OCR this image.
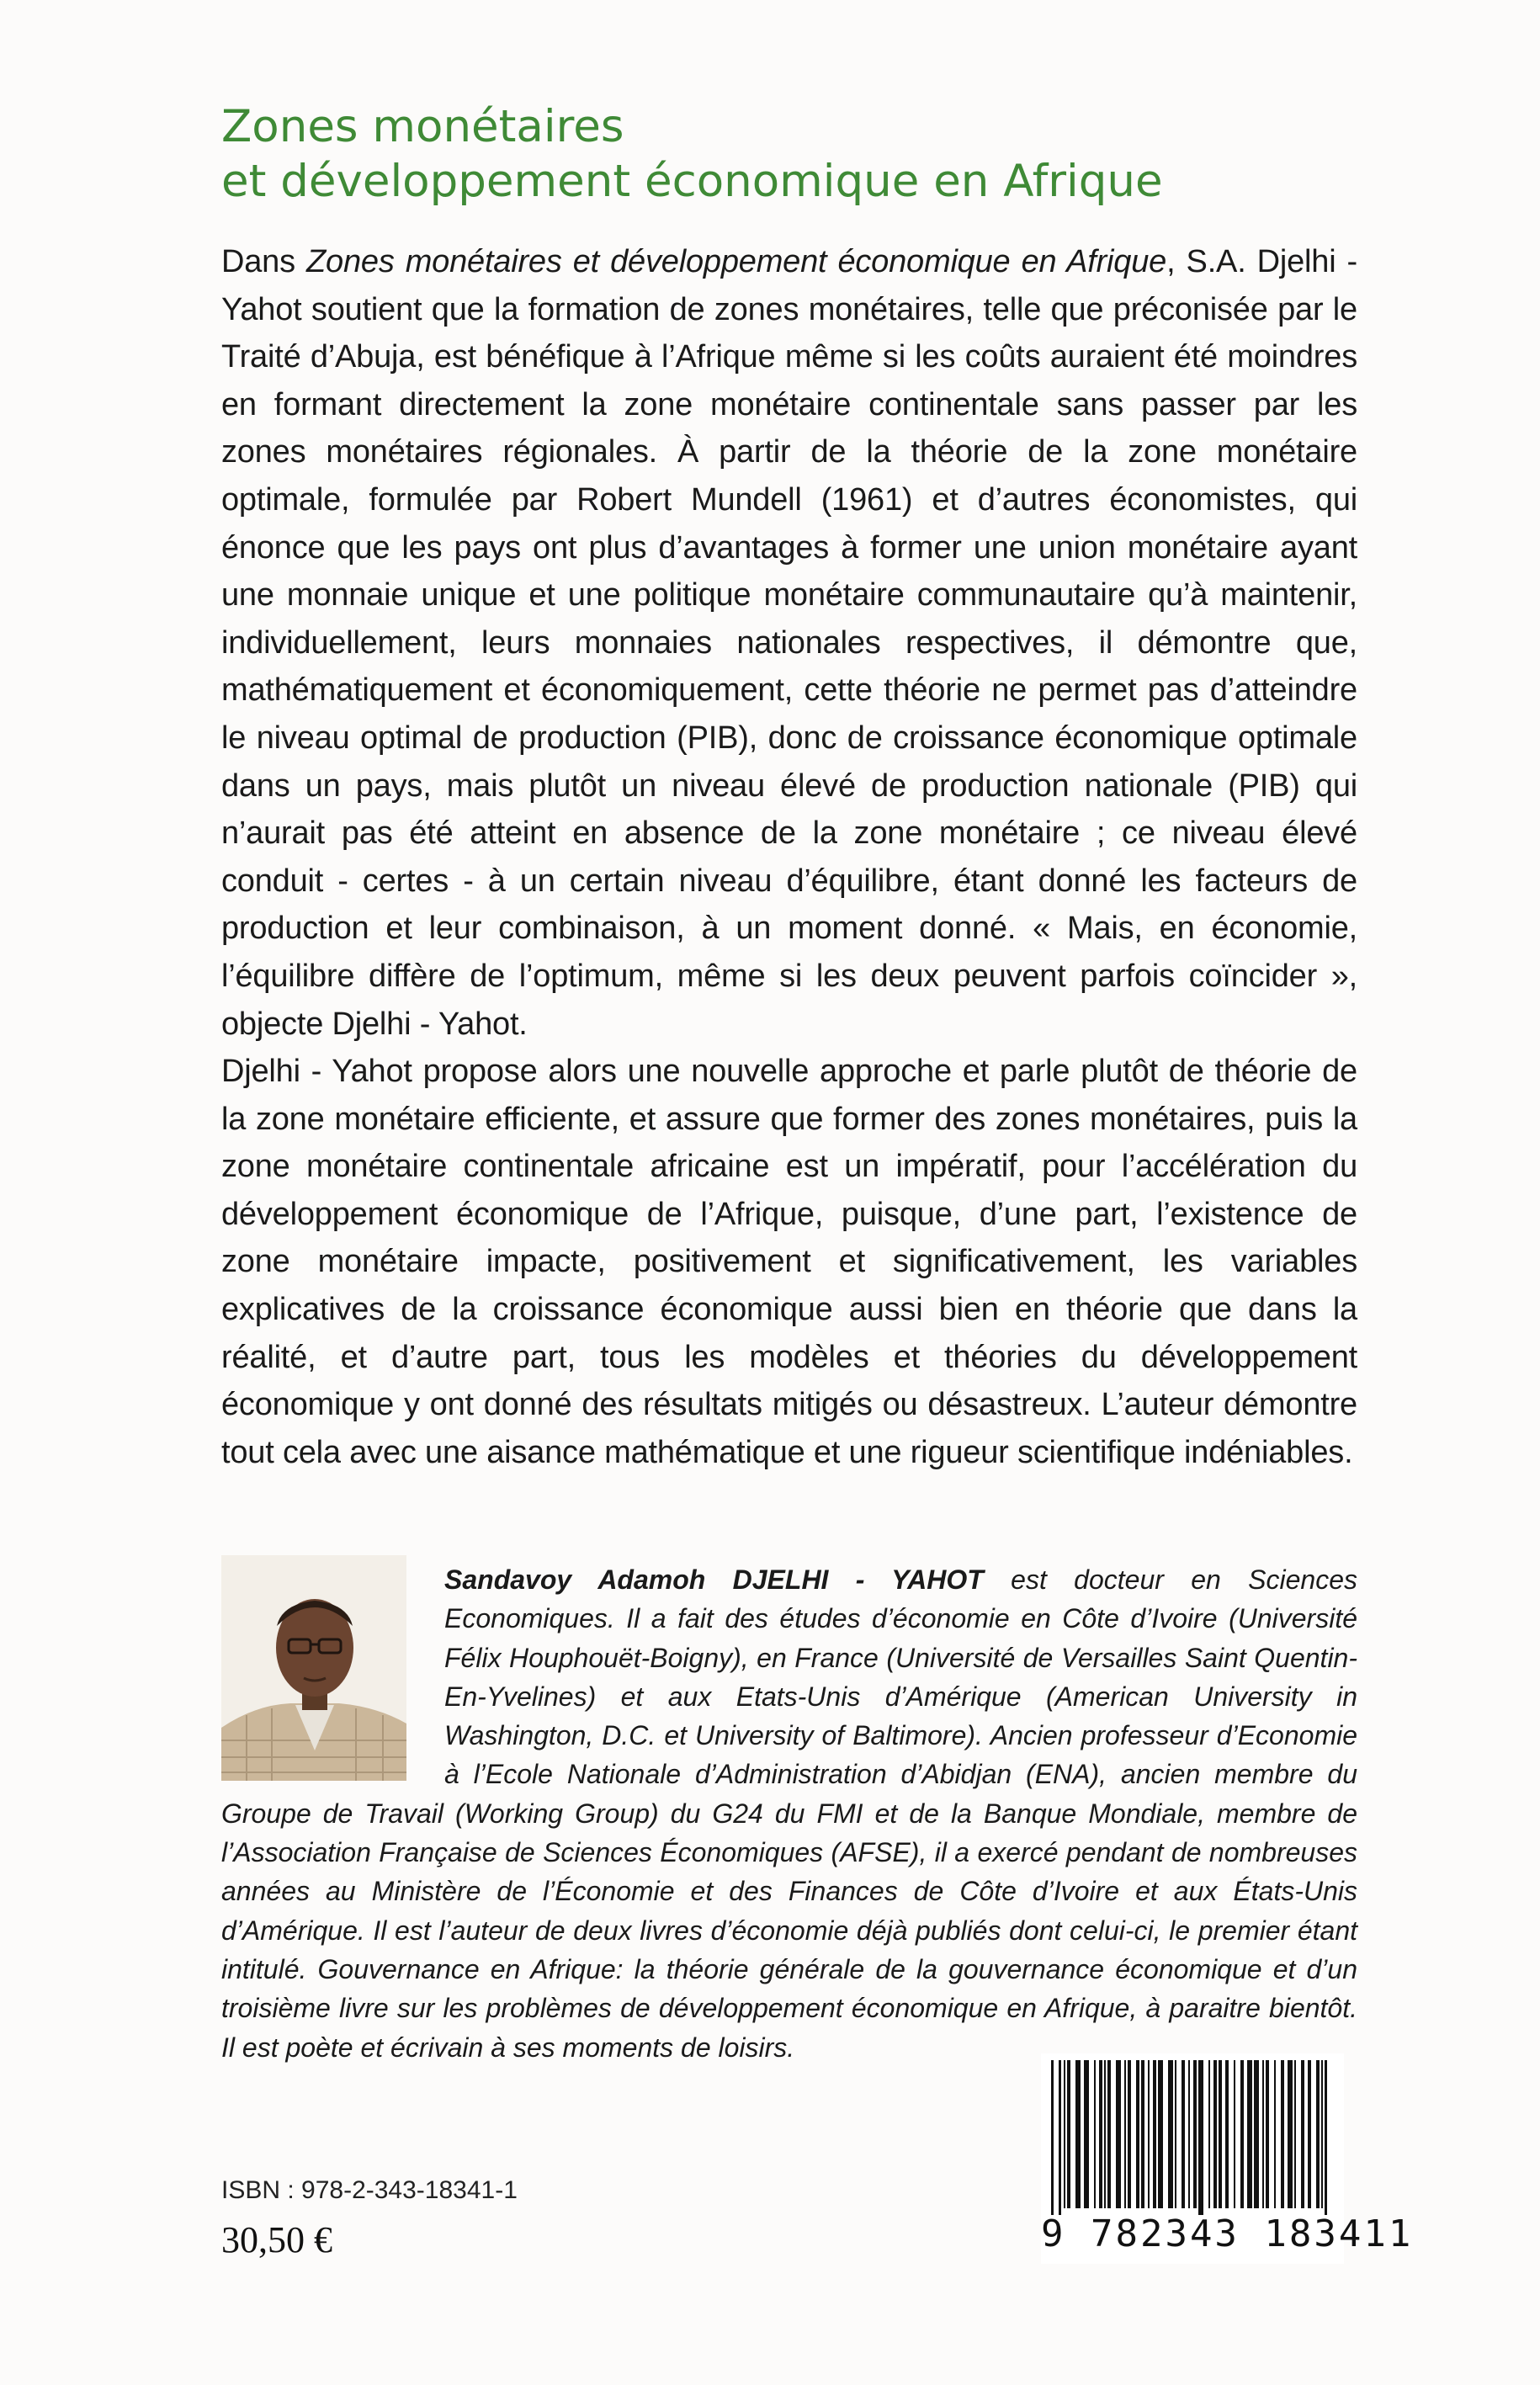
Zones monétaires
et développement économique en Afrique

Dans Zones monétaires et développement économique en Afrique, S.A. Djelhi - Yahot soutient que la formation de zones monétaires, telle que préconisée par le Traité d’Abuja, est bénéfique à l’Afrique même si les coûts auraient été moindres en formant directement la zone monétaire continentale sans passer par les zones monétaires régionales. À partir de la théorie de la zone monétaire optimale, formulée par Robert Mundell (1961) et d’autres économistes, qui énonce que les pays ont plus d’avantages à former une union monétaire ayant une monnaie unique et une politique monétaire communautaire qu’à maintenir, individuellement, leurs monnaies nationales respectives, il démontre que, mathématiquement et économiquement, cette théorie ne permet pas d’atteindre le niveau optimal de production (PIB), donc de croissance économique optimale dans un pays, mais plutôt un niveau élevé de production nationale (PIB) qui n’aurait pas été atteint en absence de la zone monétaire ; ce niveau élevé conduit - certes - à un certain niveau d’équilibre, étant donné les facteurs de production et leur combinaison, à un moment donné. « Mais, en économie, l’équilibre diffère de l’optimum, même si les deux peuvent parfois coïncider », objecte Djelhi - Yahot.

Djelhi - Yahot propose alors une nouvelle approche et parle plutôt de théorie de la zone monétaire efficiente, et assure que former des zones monétaires, puis la zone monétaire continentale africaine est un impératif, pour l’accélération du développement économique de l’Afrique, puisque, d’une part, l’existence de zone monétaire impacte, positivement et significativement, les variables explicatives de la croissance économique aussi bien en théorie que dans la réalité, et d’autre part, tous les modèles et théories du développement économique y ont donné des résultats mitigés ou désastreux. L’auteur démontre tout cela avec une aisance mathématique et une rigueur scientifique indéniables.

Sandavoy Adamoh DJELHI - YAHOT est docteur en Sciences Economiques. Il a fait des études d’économie en Côte d’Ivoire (Université Félix Houphouët-Boigny), en France (Université de Versailles Saint Quentin-En-Yvelines) et aux Etats-Unis d’Amérique (American University in Washington, D.C. et University of Baltimore). Ancien professeur d’Economie à l’Ecole Nationale d’Administration d’Abidjan (ENA), ancien membre du Groupe de Travail (Working Group) du G24 du FMI et de la Banque Mondiale, membre de l’Association Française de Sciences Économiques (AFSE), il a exercé pendant de nombreuses années au Ministère de l’Économie et des Finances de Côte d’Ivoire et aux États-Unis d’Amérique. Il est l’auteur de deux livres d’économie déjà publiés dont celui-ci, le premier étant intitulé. Gouvernance en Afrique: la théorie générale de la gouvernance économique et d’un troisième livre sur les problèmes de développement économique en Afrique, à paraitre bientôt. Il est poète et écrivain à ses moments de loisirs.
ISBN : 978-2-343-18341-1
30,50 €	9 782343 183411
